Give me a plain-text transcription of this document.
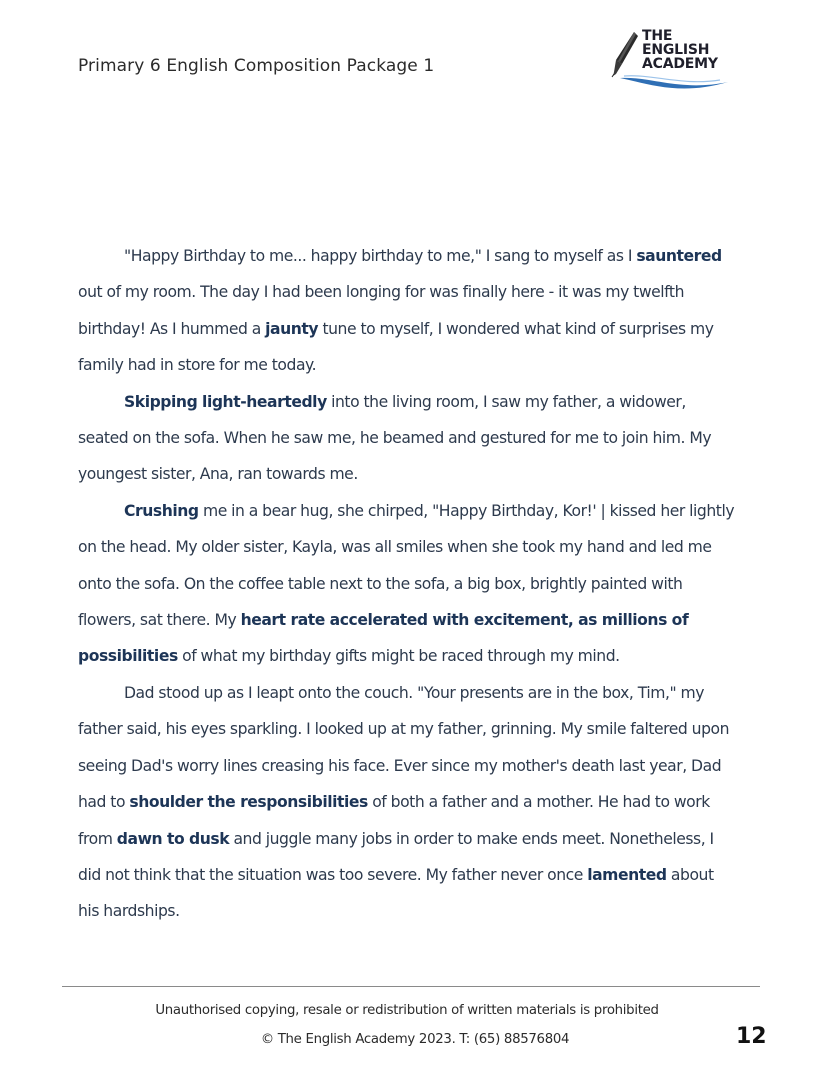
Primary 6 English Composition Package 1
THE
ENGLISH
ACADEMY

"Happy Birthday to me... happy birthday to me," I sang to myself as I sauntered out of my room. The day I had been longing for was finally here - it was my twelfth birthday! As I hummed a jaunty tune to myself, I wondered what kind of surprises my family had in store for me today.

Skipping light-heartedly into the living room, I saw my father, a widower, seated on the sofa. When he saw me, he beamed and gestured for me to join him. My youngest sister, Ana, ran towards me.

Crushing me in a bear hug, she chirped, "Happy Birthday, Kor!' | kissed her lightly on the head. My older sister, Kayla, was all smiles when she took my hand and led me onto the sofa. On the coffee table next to the sofa, a big box, brightly painted with flowers, sat there. My heart rate accelerated with excitement, as millions of possibilities of what my birthday gifts might be raced through my mind.

Dad stood up as I leapt onto the couch. "Your presents are in the box, Tim," my father said, his eyes sparkling. I looked up at my father, grinning. My smile faltered upon seeing Dad's worry lines creasing his face. Ever since my mother's death last year, Dad had to shoulder the responsibilities of both a father and a mother. He had to work from dawn to dusk and juggle many jobs in order to make ends meet. Nonetheless, I did not think that the situation was too severe. My father never once lamented about his hardships.

Unauthorised copying, resale or redistribution of written materials is prohibited
© The English Academy 2023. T: (65) 88576804	12
